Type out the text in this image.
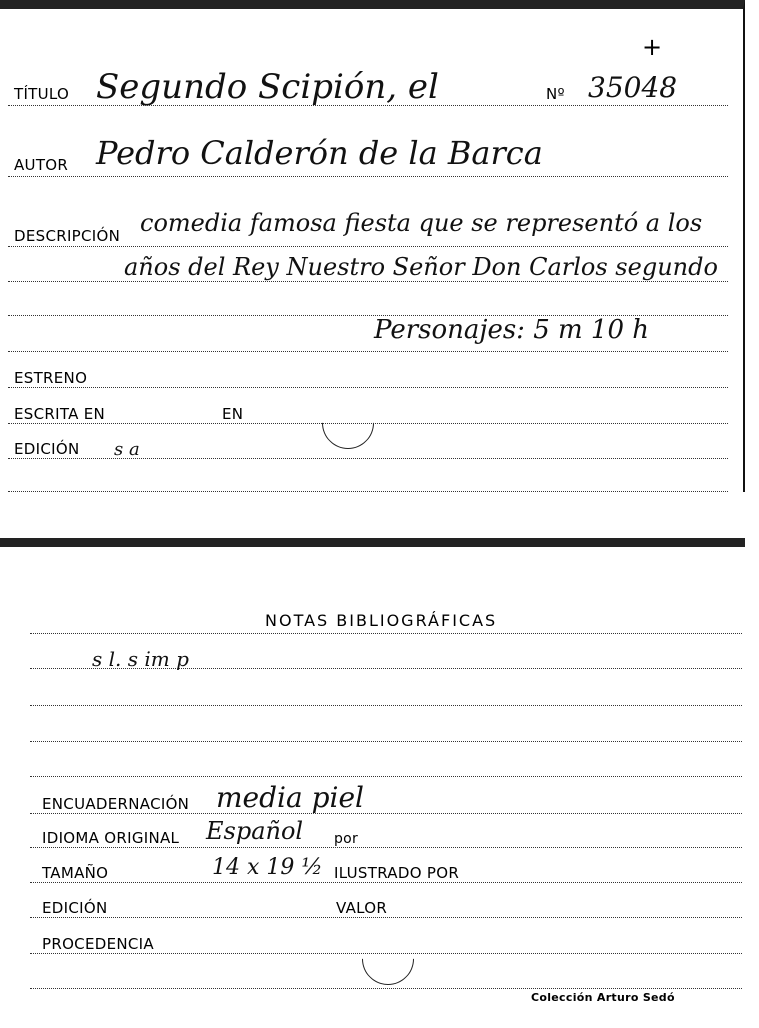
+
TÍTULO Segundo Scipión, el	Nº 35048
AUTOR Pedro Calderón de la Barca
DESCRIPCIÓN comedia famosa fiesta que se representó a los
años del Rey Nuestro Señor Don Carlos segundo
Personajes: 5 m 10 h
ESTRENO
ESCRITA EN	EN
EDICIÓN s a
NOTAS BIBLIOGRÁFICAS
s l. s im p
ENCUADERNACIÓN media piel
IDIOMA ORIGINAL Español por
TAMAÑO	14 x 19 ½ ILUSTRADO POR
EDICIÓN	VALOR
PROCEDENCIA
Colección Arturo Sedó
